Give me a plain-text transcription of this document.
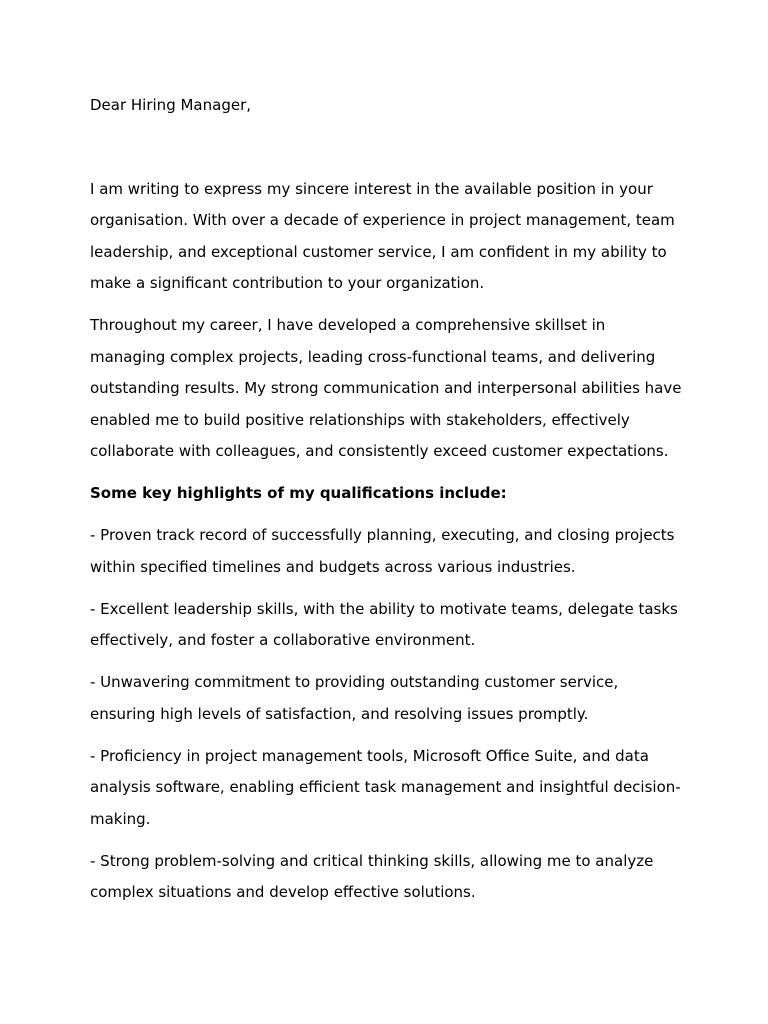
Dear Hiring Manager,

I am writing to express my sincere interest in the available position in your organisation. With over a decade of experience in project management, team leadership, and exceptional customer service, I am confident in my ability to make a significant contribution to your organization.

Throughout my career, I have developed a comprehensive skillset in managing complex projects, leading cross-functional teams, and delivering outstanding results. My strong communication and interpersonal abilities have enabled me to build positive relationships with stakeholders, effectively collaborate with colleagues, and consistently exceed customer expectations.

Some key highlights of my qualifications include:

- Proven track record of successfully planning, executing, and closing projects within specified timelines and budgets across various industries.

- Excellent leadership skills, with the ability to motivate teams, delegate tasks effectively, and foster a collaborative environment.

- Unwavering commitment to providing outstanding customer service, ensuring high levels of satisfaction, and resolving issues promptly.

- Proficiency in project management tools, Microsoft Office Suite, and data analysis software, enabling efficient task management and insightful decision-making.

- Strong problem-solving and critical thinking skills, allowing me to analyze complex situations and develop effective solutions.
